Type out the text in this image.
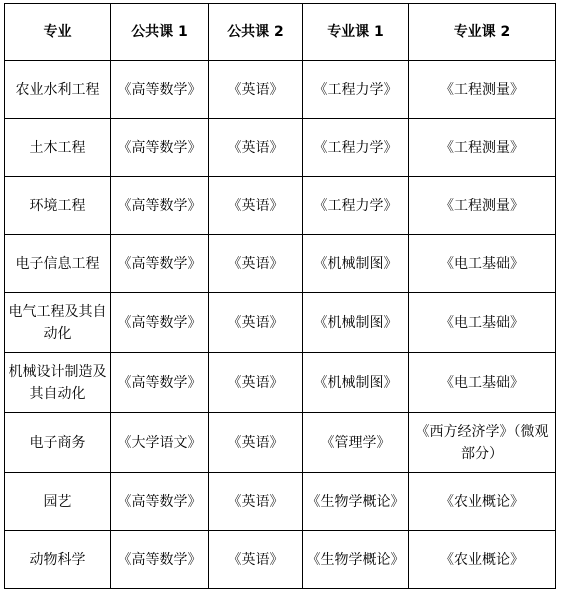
专业	公共课 1	公共课 2	专业课 1	专业课 2
农业水利工程	《高等数学》	《英语》	《工程力学》	《工程测量》
土木工程	《高等数学》	《英语》	《工程力学》	《工程测量》
环境工程	《高等数学》	《英语》	《工程力学》	《工程测量》
电子信息工程	《高等数学》	《英语》	《机械制图》	《电工基础》
电气工程及其自动化	《高等数学》	《英语》	《机械制图》	《电工基础》
机械设计制造及其自动化	《高等数学》	《英语》	《机械制图》	《电工基础》
电子商务	《大学语文》	《英语》	《管理学》	《西方经济学》（微观部分）
园艺	《高等数学》	《英语》	《生物学概论》	《农业概论》
动物科学	《高等数学》	《英语》	《生物学概论》	《农业概论》
